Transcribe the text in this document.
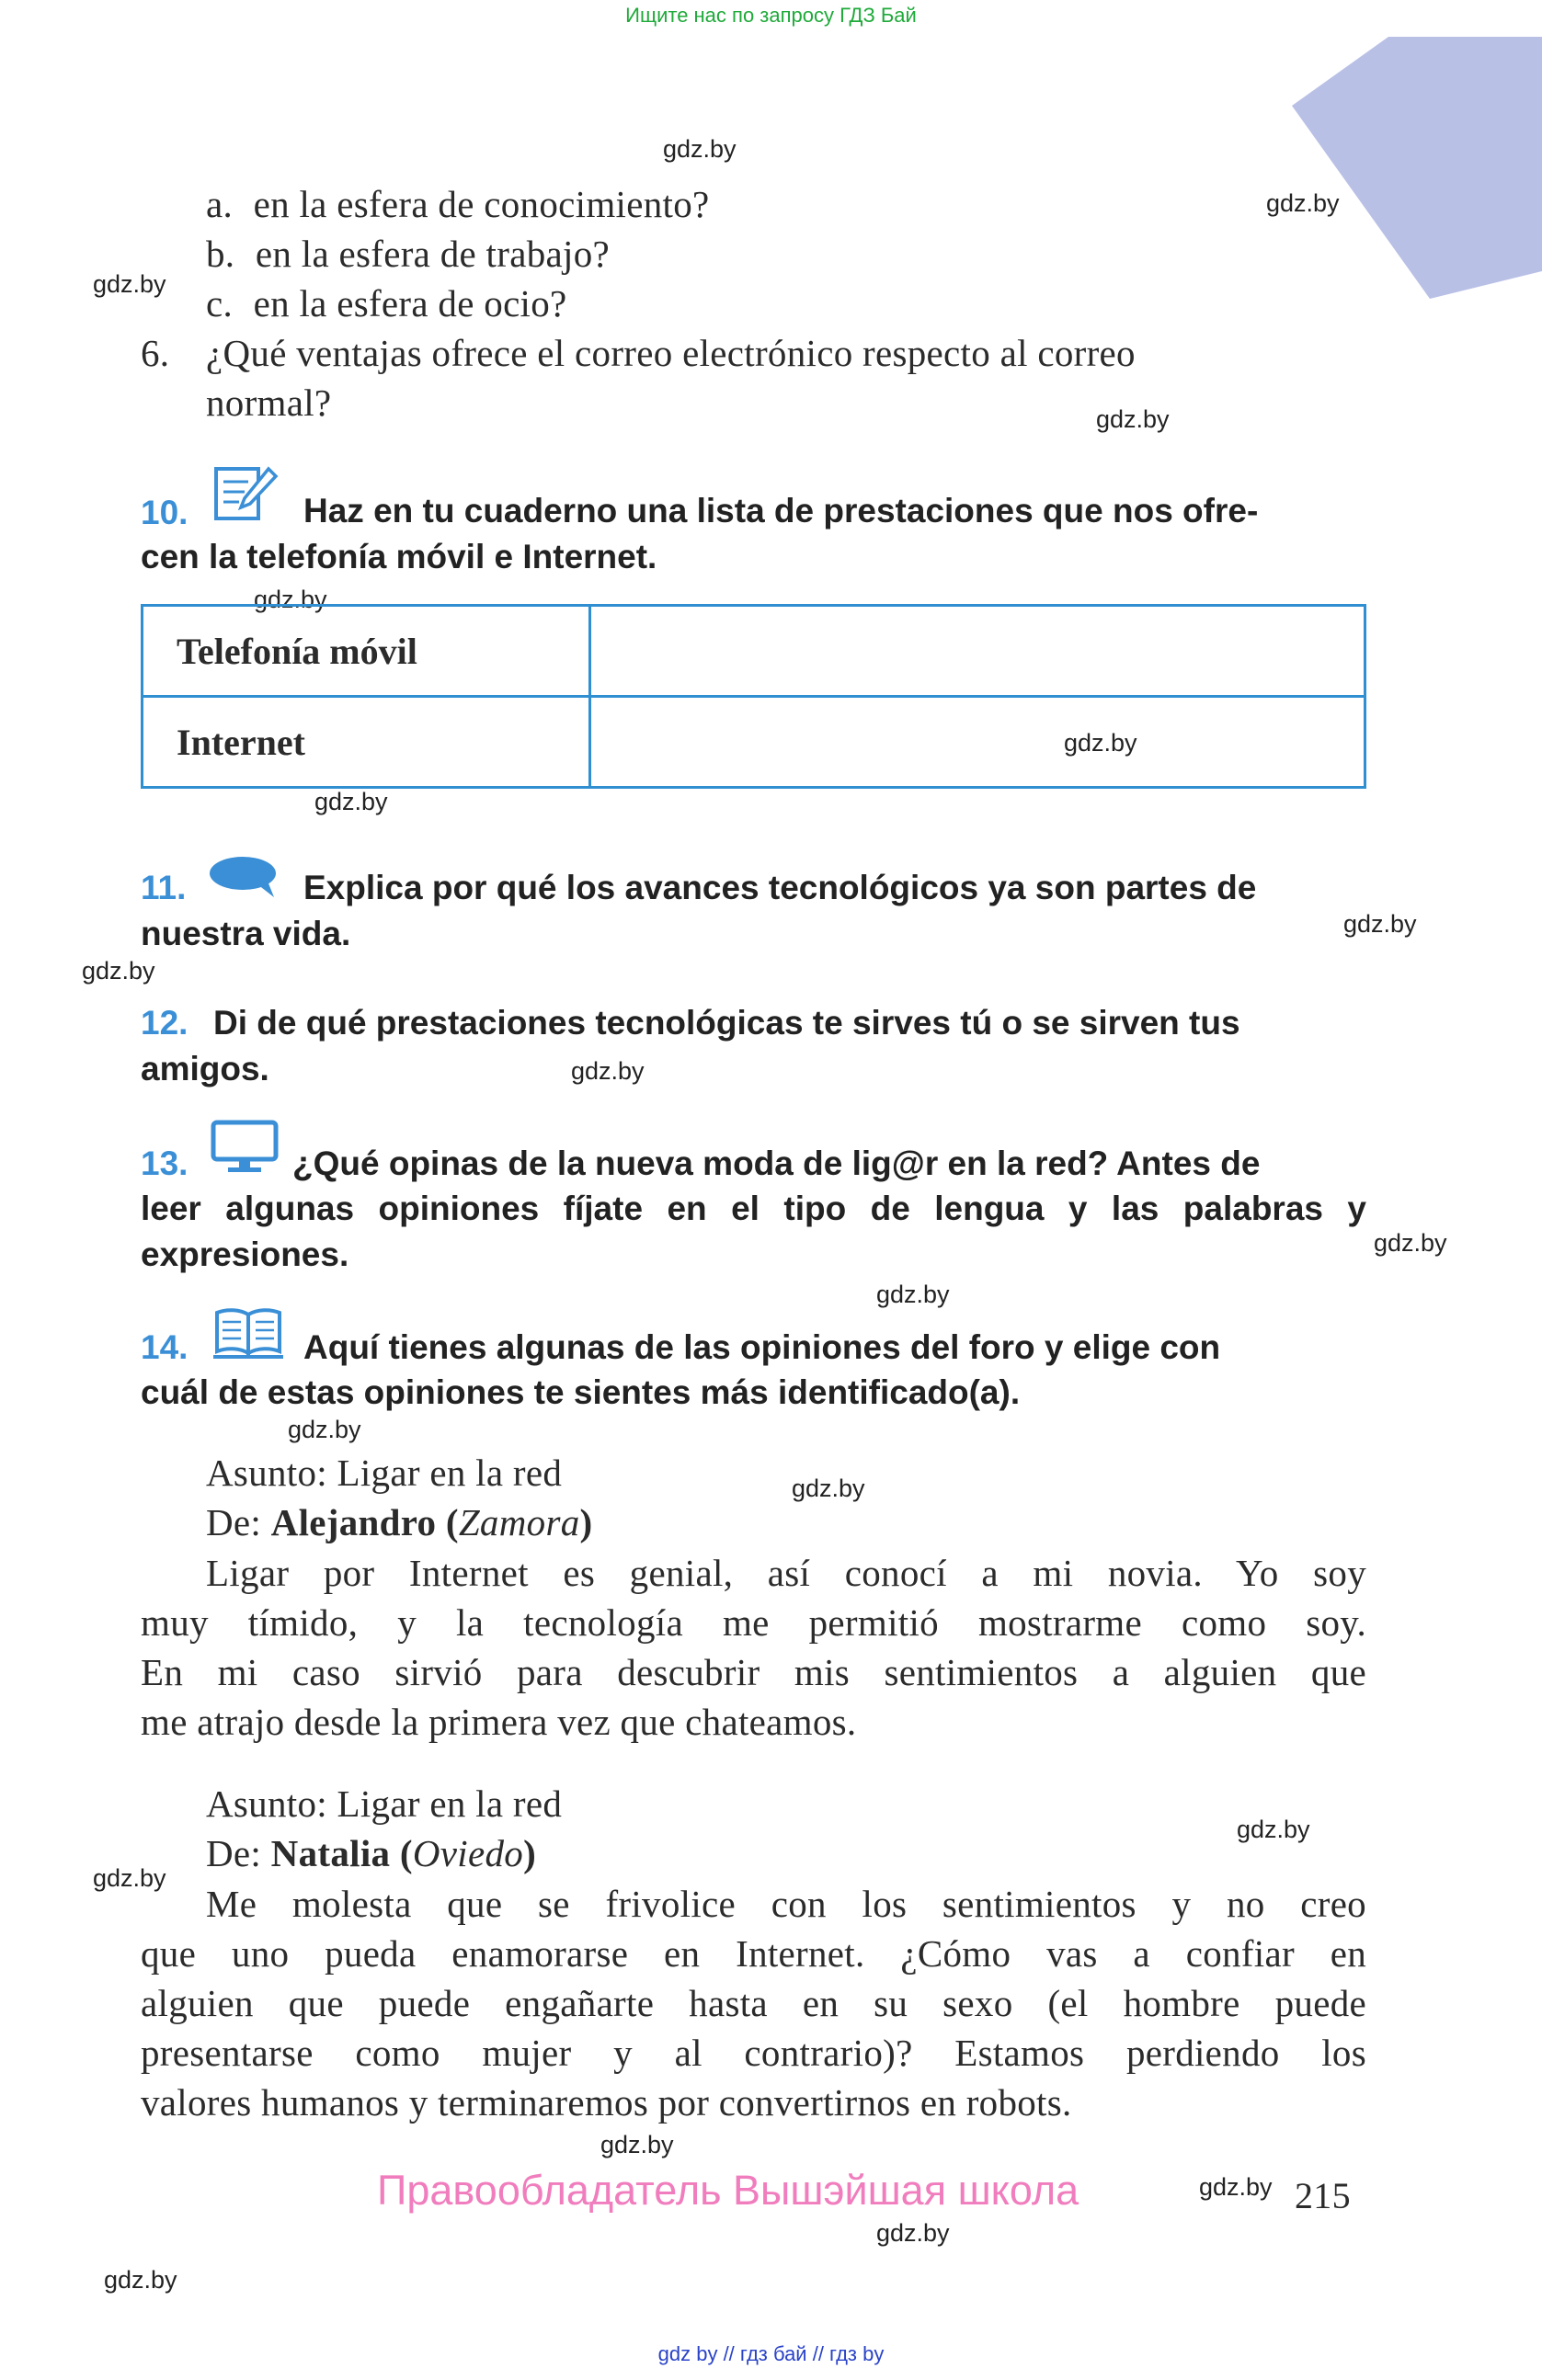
Ищите нас по запросу ГДЗ Бай
gdz.by
gdz.by
gdz.by
gdz.by
gdz.by
gdz.by
gdz.by
gdz.by
gdz.by
gdz.by
gdz.by
gdz.by
gdz.by
gdz.by
gdz.by
gdz.by
gdz.by
gdz.by
gdz.by
gdz.by
a. en la esfera de conocimiento?
b. en la esfera de trabajo?
c. en la esfera de ocio?
6. ¿Qué ventajas ofrece el correo electrónico respecto al correo
normal?
10.	Haz en tu cuaderno una lista de prestaciones que nos ofre-
cen la telefonía móvil e Internet.
Telefonía móvil	
Internet	
11.	Explica por qué los avances tecnológicos ya son partes de
nuestra vida.
12. Di de qué prestaciones tecnológicas te sirves tú o se sirven tus
amigos.
13.	¿Qué opinas de la nueva moda de lig@r en la red? Antes de
leer algunas opiniones fíjate en el tipo de lengua y las palabras y
expresiones.
14.	Aquí tienes algunas de las opiniones del foro y elige con
cuál de estas opiniones te sientes más identificado(a).
Asunto: Ligar en la red
De: Alejandro (Zamora)
Ligar por Internet es genial, así conocí a mi novia. Yo soy
muy tímido, y la tecnología me permitió mostrarme como soy.
En mi caso sirvió para descubrir mis sentimientos a alguien que
me atrajo desde la primera vez que chateamos.
Asunto: Ligar en la red
De: Natalia (Oviedo)
Me molesta que se frivolice con los sentimientos y no creo
que uno pueda enamorarse en Internet. ¿Cómo vas a confiar en
alguien que puede engañarte hasta en su sexo (el hombre puede
presentarse como mujer y al contrario)? Estamos perdiendo los
valores humanos y terminaremos por convertirnos en robots.
Правообладатель Вышэйшая школа	215
gdz by // гдз бай // гдз by
